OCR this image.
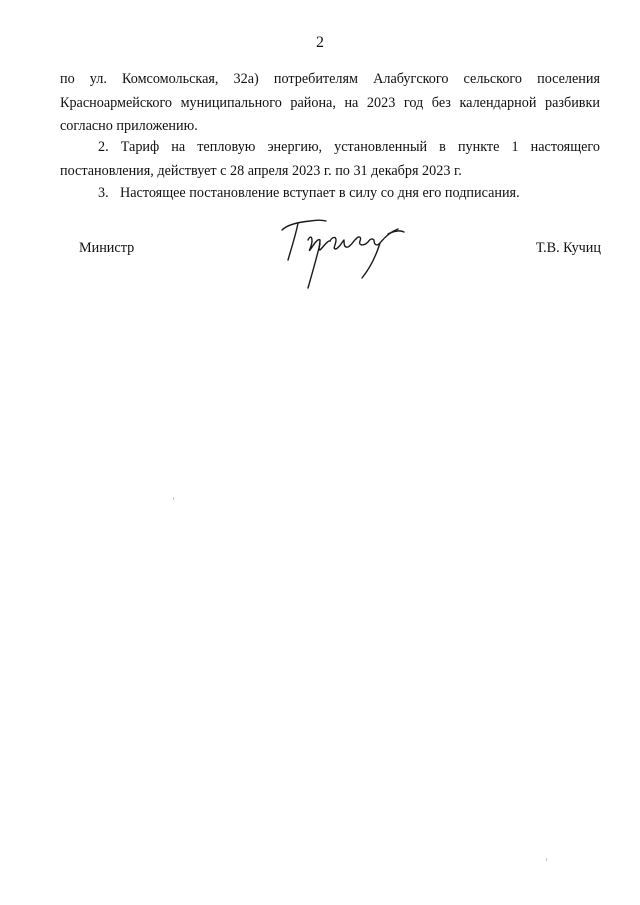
2

по ул. Комсомольская, 32а) потребителям Алабугского сельского поселения Красноармейского муниципального района, на 2023 год без календарной разбивки согласно приложению.

2. Тариф на тепловую энергию, установленный в пункте 1 настоящего постановления, действует с 28 апреля 2023 г. по 31 декабря 2023 г.

3. Настоящее постановление вступает в силу со дня его подписания.

Министр	Т.В. Кучиц
